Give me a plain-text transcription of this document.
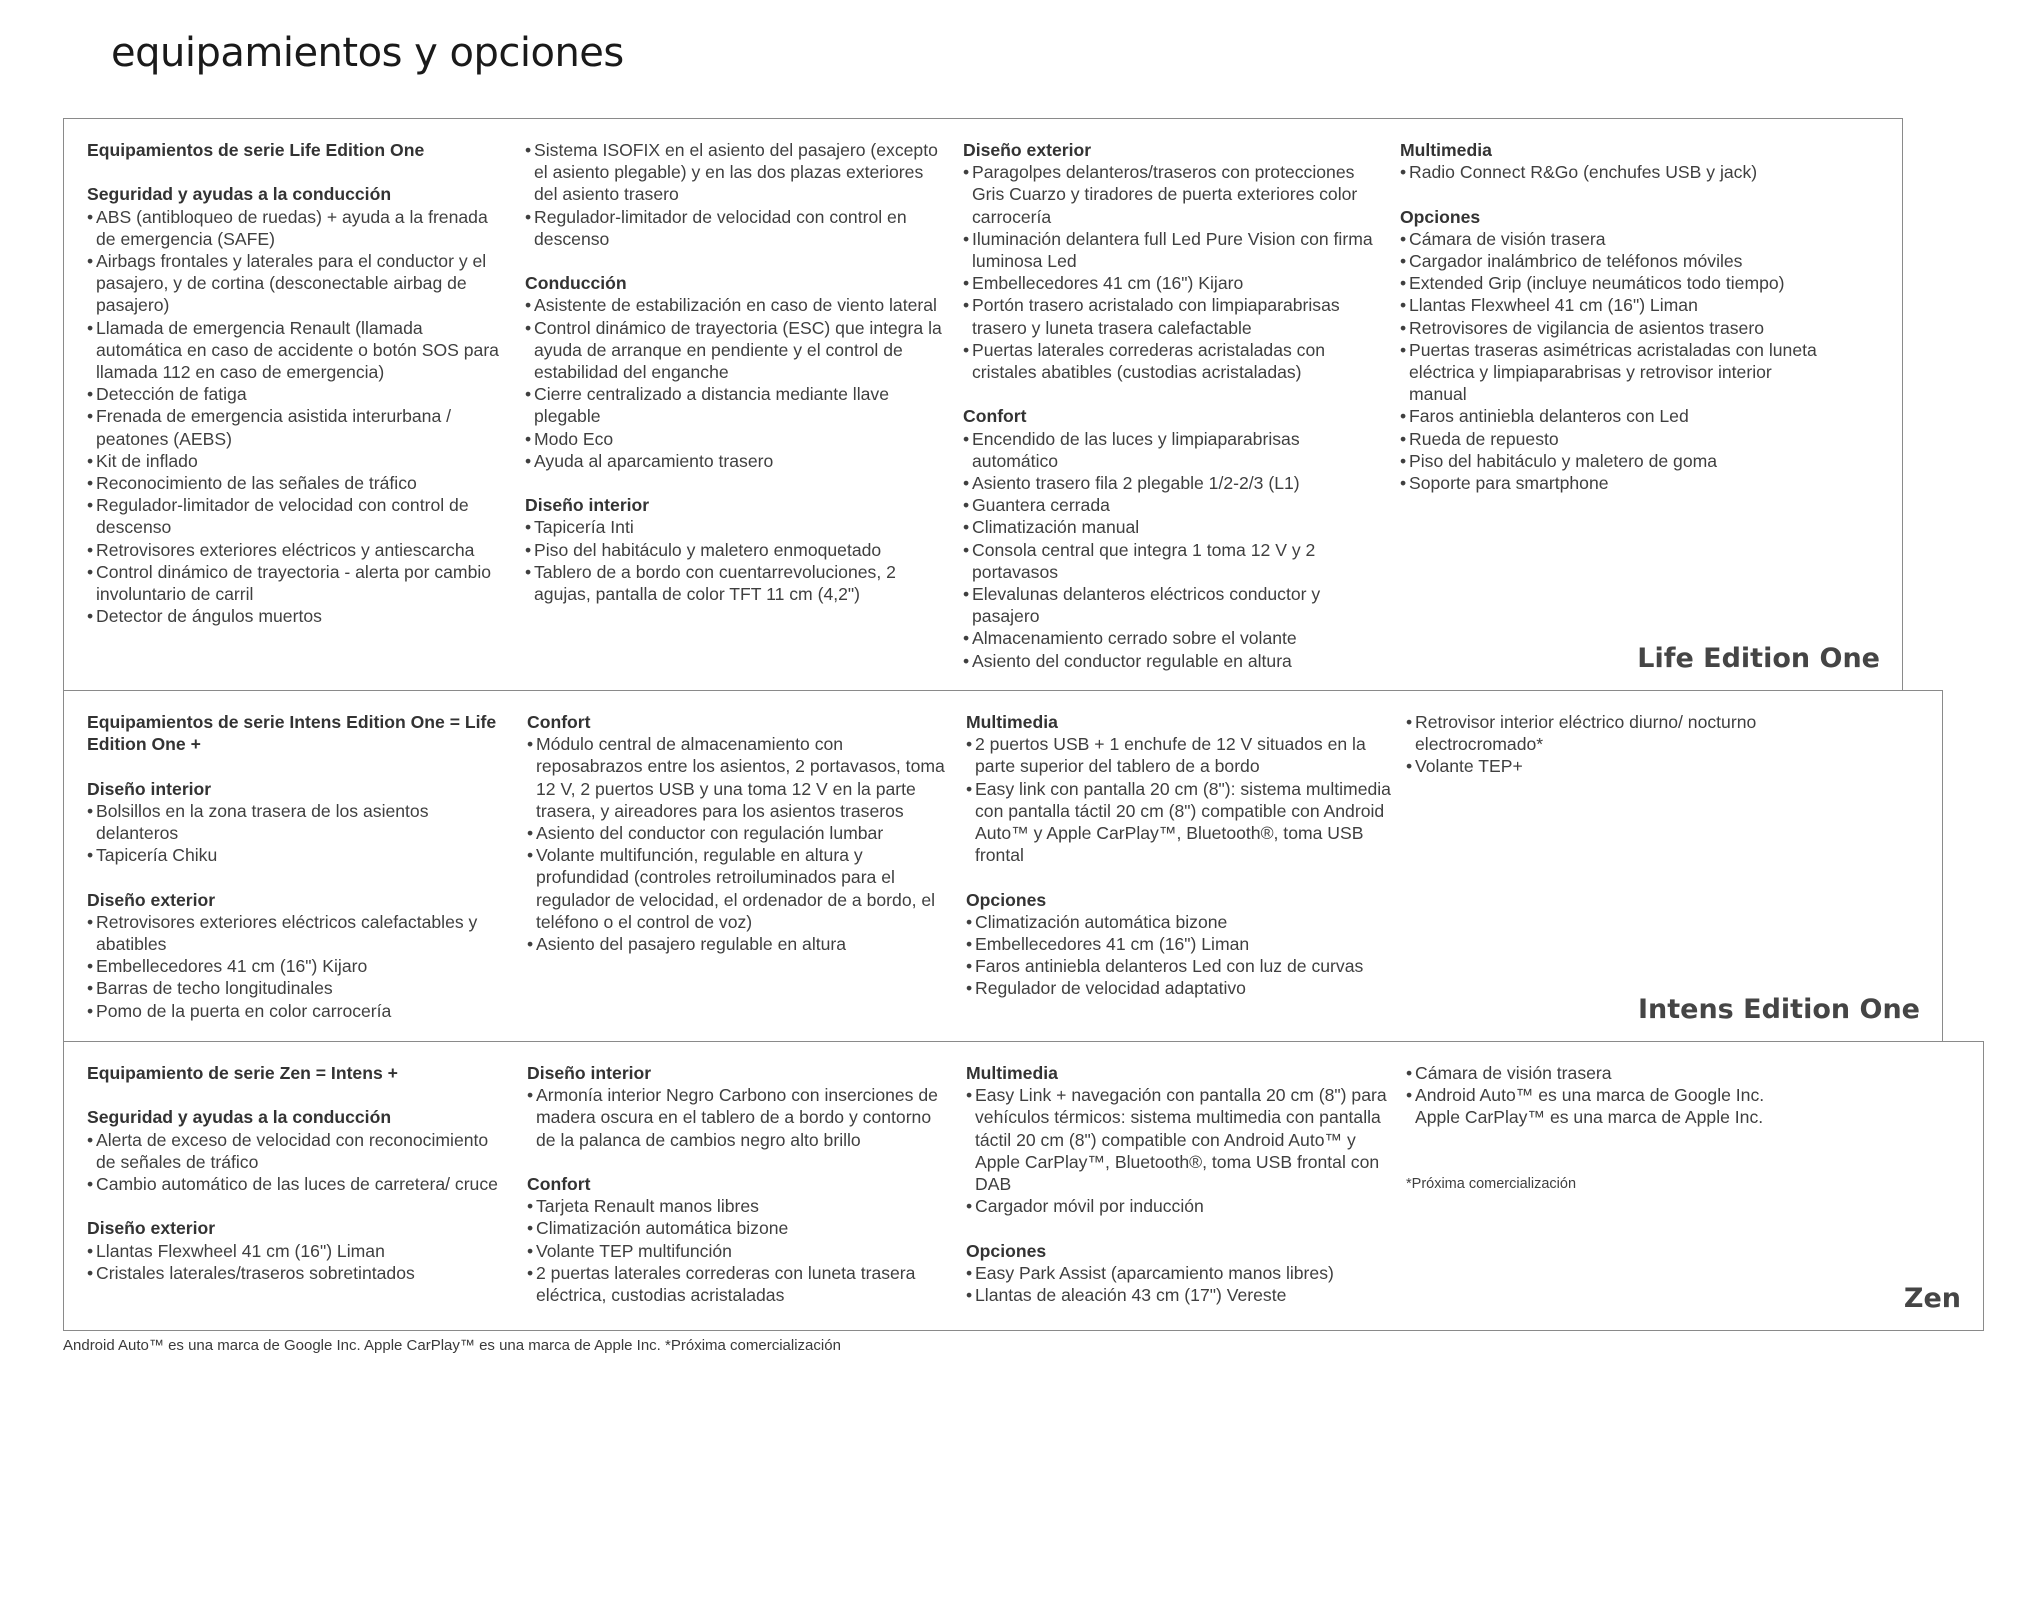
equipamientos y opciones
Equipamientos de serie Life Edition One
Seguridad y ayudas a la conducción
• ABS (antibloqueo de ruedas) + ayuda a la frenada de emergencia (SAFE)
• Airbags frontales y laterales para el conductor y el pasajero, y de cortina (desconectable airbag de pasajero)
• Llamada de emergencia Renault (llamada automática en caso de accidente o botón SOS para llamada 112 en caso de emergencia)
• Detección de fatiga
• Frenada de emergencia asistida interurbana / peatones (AEBS)
• Kit de inflado
• Reconocimiento de las señales de tráfico
• Regulador-limitador de velocidad con control de descenso
• Retrovisores exteriores eléctricos y antiescarcha
• Control dinámico de trayectoria - alerta por cambio involuntario de carril
• Detector de ángulos muertos
• Sistema ISOFIX en el asiento del pasajero (excepto el asiento plegable) y en las dos plazas exteriores del asiento trasero
• Regulador-limitador de velocidad con control en descenso
Conducción
• Asistente de estabilización en caso de viento lateral
• Control dinámico de trayectoria (ESC) que integra la ayuda de arranque en pendiente y el control de estabilidad del enganche
• Cierre centralizado a distancia mediante llave plegable
• Modo Eco
• Ayuda al aparcamiento trasero
Diseño interior
• Tapicería Inti
• Piso del habitáculo y maletero enmoquetado
• Tablero de a bordo con cuentarrevoluciones, 2 agujas, pantalla de color TFT 11 cm (4,2")
Diseño exterior
• Paragolpes delanteros/traseros con protecciones Gris Cuarzo y tiradores de puerta exteriores color carrocería
• Iluminación delantera full Led Pure Vision con firma luminosa Led
• Embellecedores 41 cm (16") Kijaro
• Portón trasero acristalado con limpiaparabrisas trasero y luneta trasera calefactable
• Puertas laterales correderas acristaladas con cristales abatibles (custodias acristaladas)
Confort
• Encendido de las luces y limpiaparabrisas automático
• Asiento trasero fila 2 plegable 1/2-2/3 (L1)
• Guantera cerrada
• Climatización manual
• Consola central que integra 1 toma 12 V y 2 portavasos
• Elevalunas delanteros eléctricos conductor y pasajero
• Almacenamiento cerrado sobre el volante
• Asiento del conductor regulable en altura
Multimedia
• Radio Connect R&Go (enchufes USB y jack)
Opciones
• Cámara de visión trasera
• Cargador inalámbrico de teléfonos móviles
• Extended Grip (incluye neumáticos todo tiempo)
• Llantas Flexwheel 41 cm (16") Liman
• Retrovisores de vigilancia de asientos trasero
• Puertas traseras asimétricas acristaladas con luneta eléctrica y limpiaparabrisas y retrovisor interior manual
• Faros antiniebla delanteros con Led
• Rueda de repuesto
• Piso del habitáculo y maletero de goma
• Soporte para smartphone
Life Edition One
Equipamientos de serie Intens Edition One = Life Edition One +
Diseño interior
• Bolsillos en la zona trasera de los asientos delanteros
• Tapicería Chiku
Diseño exterior
• Retrovisores exteriores eléctricos calefactables y abatibles
• Embellecedores 41 cm (16") Kijaro
• Barras de techo longitudinales
• Pomo de la puerta en color carrocería
Confort
• Módulo central de almacenamiento con reposabrazos entre los asientos, 2 portavasos, toma 12 V, 2 puertos USB y una toma 12 V en la parte trasera, y aireadores para los asientos traseros
• Asiento del conductor con regulación lumbar
• Volante multifunción, regulable en altura y profundidad (controles retroiluminados para el regulador de velocidad, el ordenador de a bordo, el teléfono o el control de voz)
• Asiento del pasajero regulable en altura
Multimedia
• 2 puertos USB + 1 enchufe de 12 V situados en la parte superior del tablero de a bordo
• Easy link con pantalla 20 cm (8"): sistema multimedia con pantalla táctil 20 cm (8") compatible con Android Auto™ y Apple CarPlay™, Bluetooth®, toma USB frontal
Opciones
• Climatización automática bizone
• Embellecedores 41 cm (16") Liman
• Faros antiniebla delanteros Led con luz de curvas
• Regulador de velocidad adaptativo
• Retrovisor interior eléctrico diurno/ nocturno electrocromado*
• Volante TEP+
Intens Edition One
Equipamiento de serie Zen = Intens +
Seguridad y ayudas a la conducción
• Alerta de exceso de velocidad con reconocimiento de señales de tráfico
• Cambio automático de las luces de carretera/ cruce
Diseño exterior
• Llantas Flexwheel 41 cm (16") Liman
• Cristales laterales/traseros sobretintados
Diseño interior
• Armonía interior Negro Carbono con inserciones de madera oscura en el tablero de a bordo y contorno de la palanca de cambios negro alto brillo
Confort
• Tarjeta Renault manos libres
• Climatización automática bizone
• Volante TEP multifunción
• 2 puertas laterales correderas con luneta trasera eléctrica, custodias acristaladas
Multimedia
• Easy Link + navegación con pantalla 20 cm (8") para vehículos térmicos: sistema multimedia con pantalla táctil 20 cm (8") compatible con Android Auto™ y Apple CarPlay™, Bluetooth®, toma USB frontal con DAB
• Cargador móvil por inducción
Opciones
• Easy Park Assist (aparcamiento manos libres)
• Llantas de aleación 43 cm (17") Vereste
• Cámara de visión trasera
• Android Auto™ es una marca de Google Inc.
Apple CarPlay™ es una marca de Apple Inc.
*Próxima comercialización
Zen
Android Auto™ es una marca de Google Inc. Apple CarPlay™ es una marca de Apple Inc. *Próxima comercialización
